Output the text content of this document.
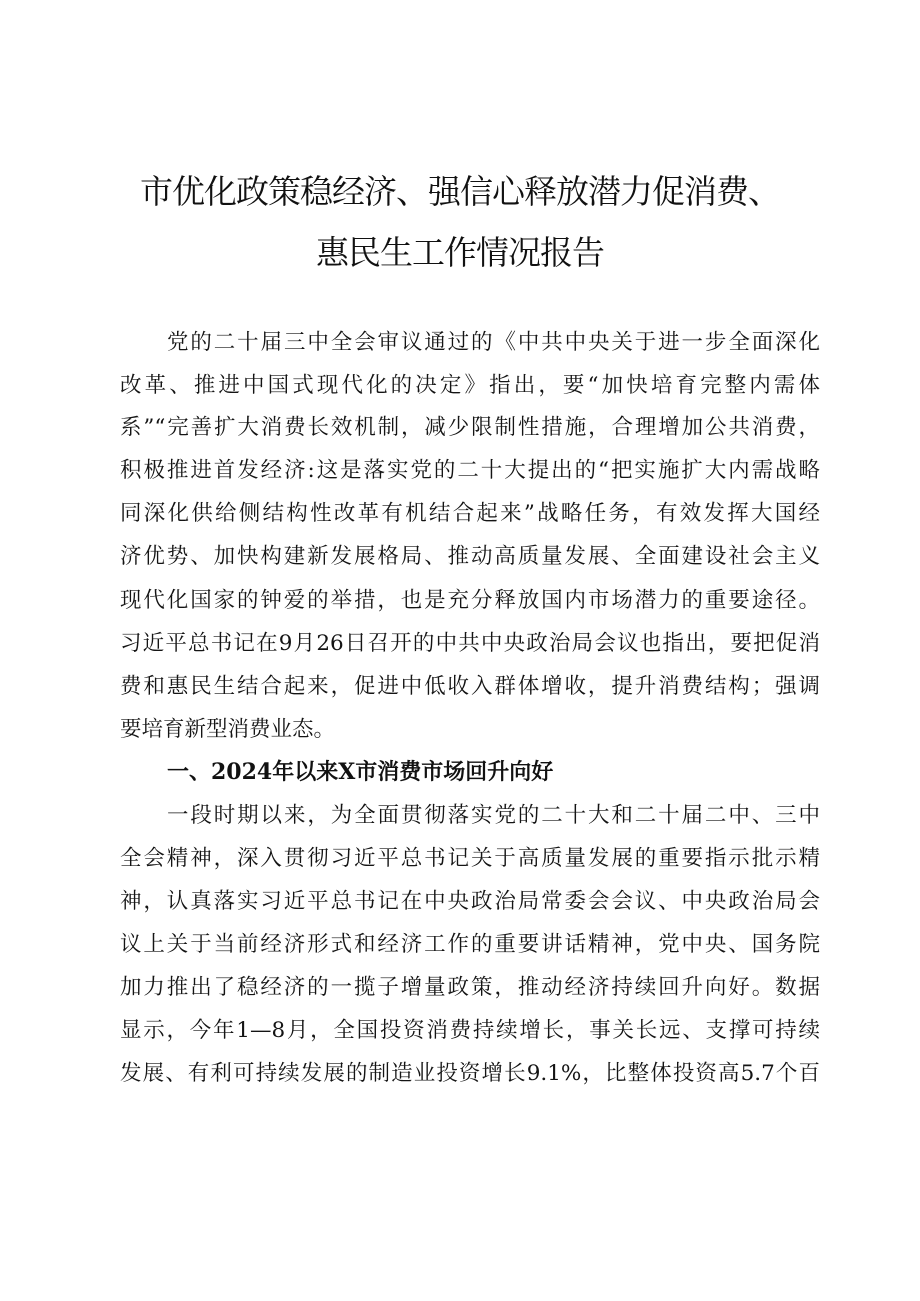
市优化政策稳经济、强信心释放潜力促消费、
惠民生工作情况报告
党的二十届三中全会审议通过的《中共中央关于进一步全面深化
改革、推进中国式现代化的决定》指出，要“加快培育完整内需体
系”“完善扩大消费长效机制，减少限制性措施，合理增加公共消费，
积极推进首发经济:这是落实党的二十大提出的“把实施扩大内需战略
同深化供给侧结构性改革有机结合起来”战略任务，有效发挥大国经
济优势、加快构建新发展格局、推动高质量发展、全面建设社会主义
现代化国家的钟爱的举措，也是充分释放国内市场潜力的重要途径。
习近平总书记在9月26日召开的中共中央政治局会议也指出，要把促消
费和惠民生结合起来，促进中低收入群体增收，提升消费结构；强调
要培育新型消费业态。
一、2024年以来X市消费市场回升向好
一段时期以来，为全面贯彻落实党的二十大和二十届二中、三中
全会精神，深入贯彻习近平总书记关于高质量发展的重要指示批示精
神，认真落实习近平总书记在中央政治局常委会会议、中央政治局会
议上关于当前经济形式和经济工作的重要讲话精神，党中央、国务院
加力推出了稳经济的一揽子增量政策，推动经济持续回升向好。数据
显示，今年1—8月，全国投资消费持续增长，事关长远、支撑可持续
发展、有利可持续发展的制造业投资增长9.1%，比整体投资高5.7个百
